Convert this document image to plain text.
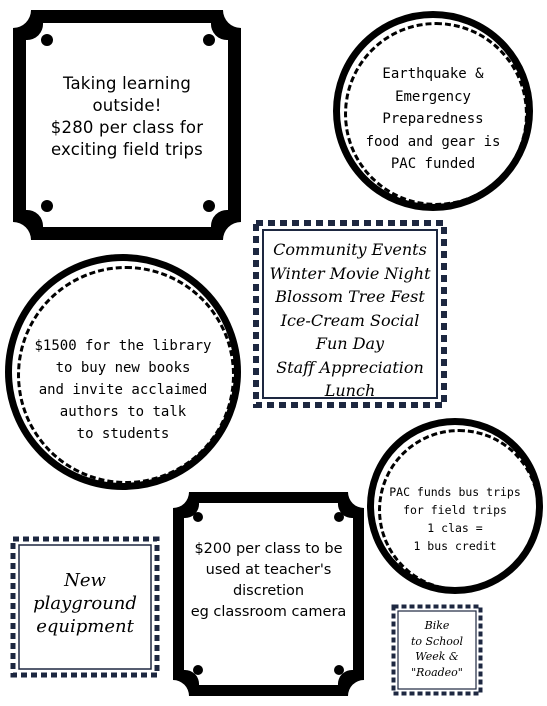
Taking learning
outside!
$280 per class for
exciting field trips
Earthquake &
Emergency
Preparedness
food and gear is
PAC funded
Community Events
Winter Movie Night
Blossom Tree Fest
Ice-Cream Social
Fun Day
Staff Appreciation
Lunch
$1500 for the library
to buy new books
and invite acclaimed
authors to talk
to students
PAC funds bus trips
for field trips
1 clas =
1 bus credit
New
playground
equipment
$200 per class to be
used at teacher's
discretion
eg classroom camera
Bike
to School
Week &
"Roadeo"
